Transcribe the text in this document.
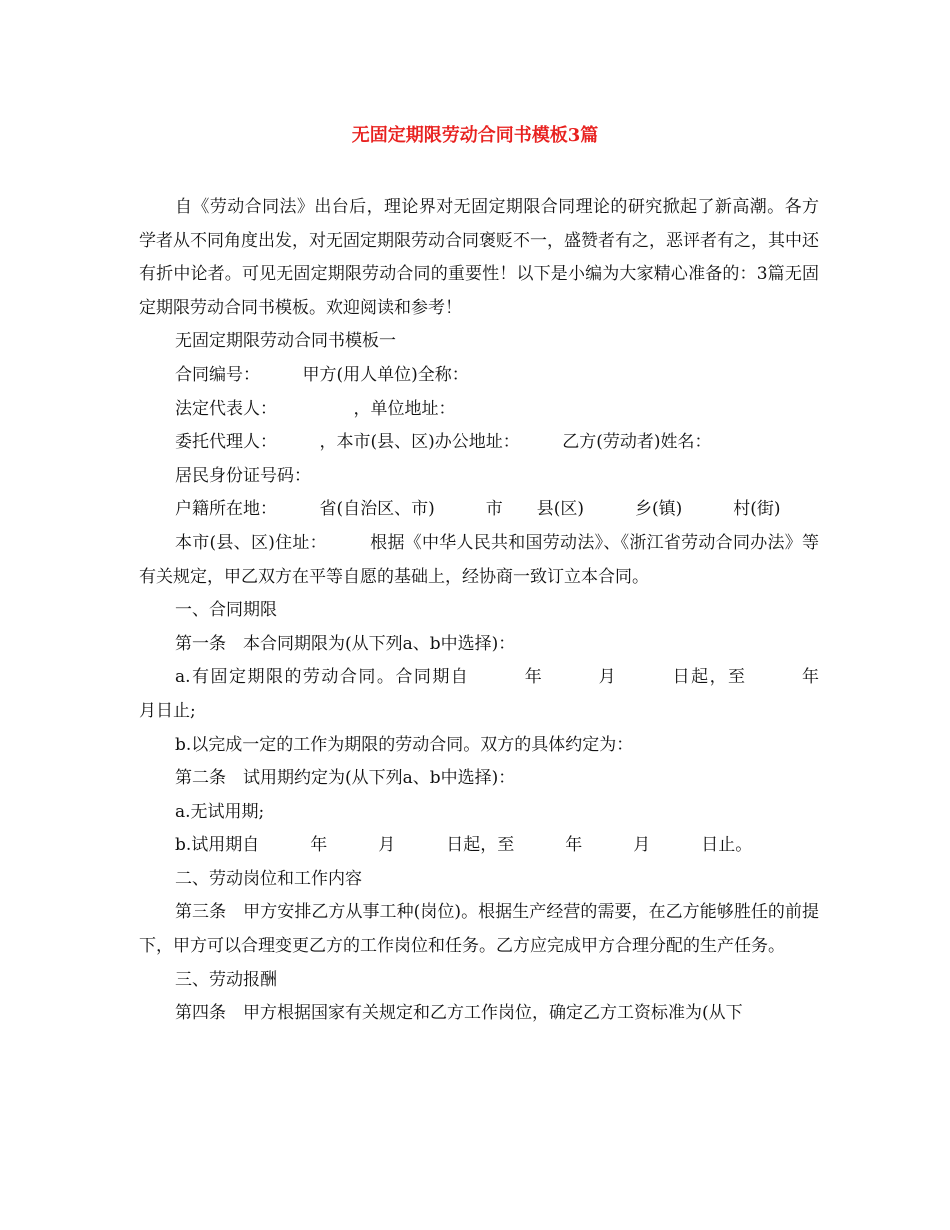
无固定期限劳动合同书模板3篇

自《劳动合同法》出台后，理论界对无固定期限合同理论的研究掀起了新高潮。各方学者从不同角度出发，对无固定期限劳动合同褒贬不一，盛赞者有之，恶评者有之，其中还有折中论者。可见无固定期限劳动合同的重要性！以下是小编为大家精心准备的：3篇无固定期限劳动合同书模板。欢迎阅读和参考！

无固定期限劳动合同书模板一

合同编号：　　　甲方(用人单位)全称：

法定代表人：　　　　　，单位地址：

委托代理人：　　　，本市(县、区)办公地址：　　　乙方(劳动者)姓名：

居民身份证号码：

户籍所在地：　　　省(自治区、市)　　　市　　县(区)　　　乡(镇)　　　村(街)

本市(县、区)住址：　　　根据《中华人民共和国劳动法》、《浙江省劳动合同办法》等有关规定，甲乙双方在平等自愿的基础上，经协商一致订立本合同。

一、合同期限

第一条　本合同期限为(从下列a、b中选择)：

a.有固定期限的劳动合同。合同期自　　　年　　　月　　　日起，至　　　年　　　月日止;

b.以完成一定的工作为期限的劳动合同。双方的具体约定为：

第二条　试用期约定为(从下列a、b中选择)：

a.无试用期;

b.试用期自　　　年　　　月　　　日起，至　　　年　　　月　　　日止。

二、劳动岗位和工作内容

第三条　甲方安排乙方从事工种(岗位)。根据生产经营的需要，在乙方能够胜任的前提下，甲方可以合理变更乙方的工作岗位和任务。乙方应完成甲方合理分配的生产任务。

三、劳动报酬

第四条　甲方根据国家有关规定和乙方工作岗位，确定乙方工资标准为(从下
